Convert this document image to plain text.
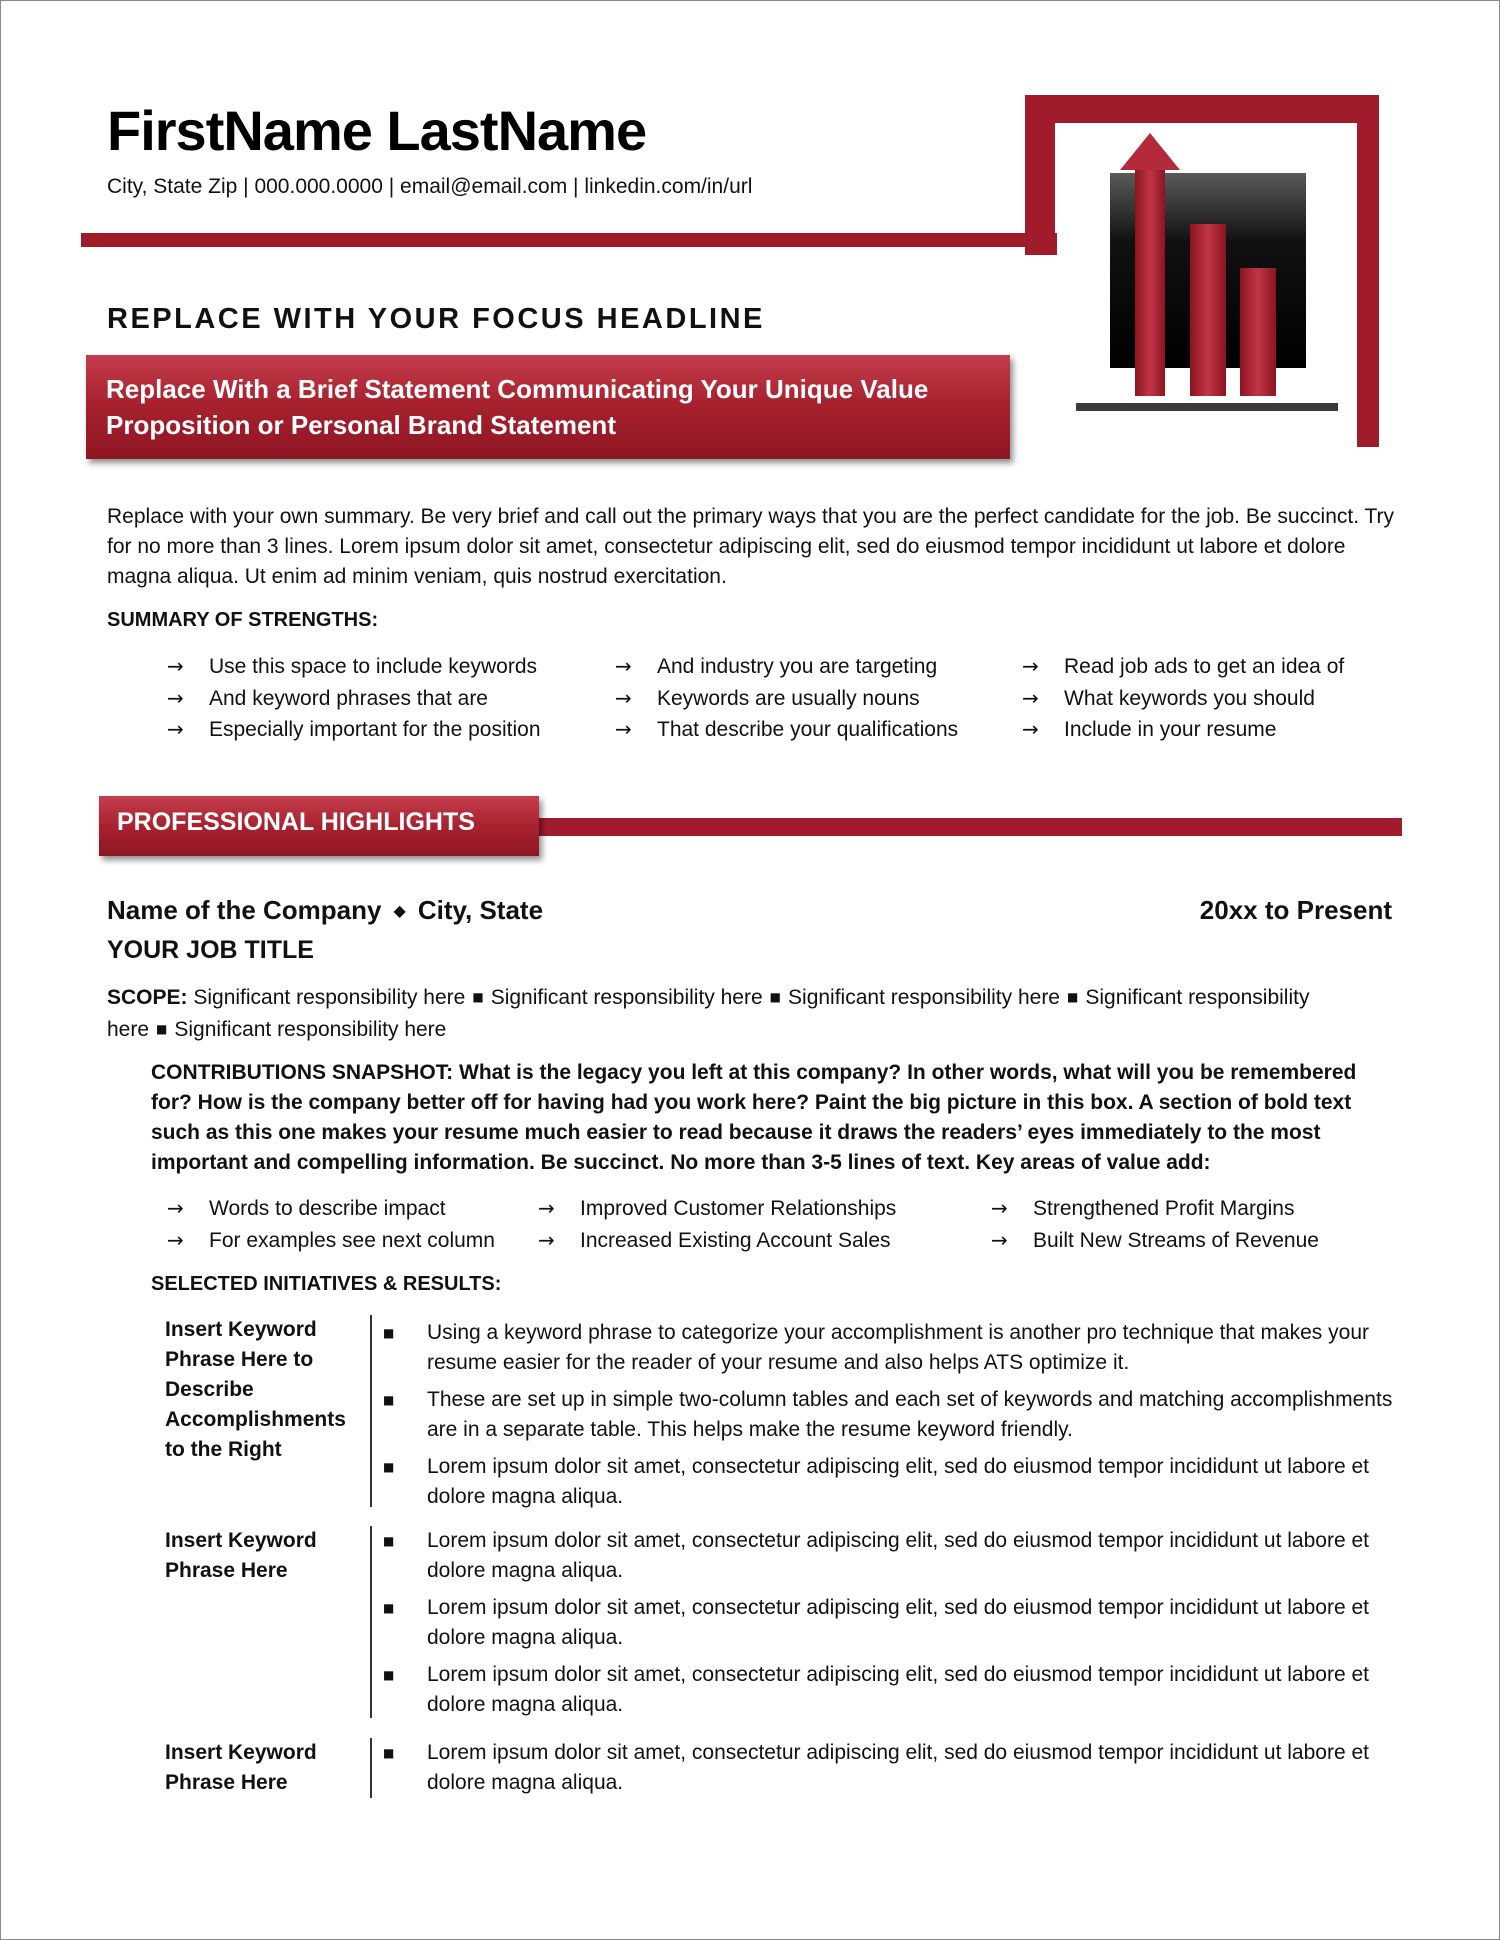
FirstName LastName
City, State Zip | 000.000.0000 | email@email.com | linkedin.com/in/url
REPLACE WITH YOUR FOCUS HEADLINE
Replace With a Brief Statement Communicating Your Unique Value Proposition or Personal Brand Statement
Replace with your own summary. Be very brief and call out the primary ways that you are the perfect candidate for the job. Be succinct. Try for no more than 3 lines. Lorem ipsum dolor sit amet, consectetur adipiscing elit, sed do eiusmod tempor incididunt ut labore et dolore magna aliqua. Ut enim ad minim veniam, quis nostrud exercitation.
SUMMARY OF STRENGTHS:
→ Use this space to include keywords
→ And keyword phrases that are
→ Especially important for the position
→ And industry you are targeting
→ Keywords are usually nouns
→ That describe your qualifications
→ Read job ads to get an idea of
→ What keywords you should
→ Include in your resume
PROFESSIONAL HIGHLIGHTS
Name of the Company ◆ City, State	20xx to Present
YOUR JOB TITLE
SCOPE: Significant responsibility here ■ Significant responsibility here ■ Significant responsibility here ■ Significant responsibility here ■ Significant responsibility here
CONTRIBUTIONS SNAPSHOT: What is the legacy you left at this company? In other words, what will you be remembered for? How is the company better off for having had you work here? Paint the big picture in this box. A section of bold text such as this one makes your resume much easier to read because it draws the readers’ eyes immediately to the most important and compelling information. Be succinct. No more than 3-5 lines of text. Key areas of value add:
→ Words to describe impact
→ For examples see next column
→ Improved Customer Relationships
→ Increased Existing Account Sales
→ Strengthened Profit Margins
→ Built New Streams of Revenue
SELECTED INITIATIVES & RESULTS:
Insert Keyword Phrase Here to Describe Accomplishments to the Right
■ Using a keyword phrase to categorize your accomplishment is another pro technique that makes your resume easier for the reader of your resume and also helps ATS optimize it.
■ These are set up in simple two-column tables and each set of keywords and matching accomplishments are in a separate table. This helps make the resume keyword friendly.
■ Lorem ipsum dolor sit amet, consectetur adipiscing elit, sed do eiusmod tempor incididunt ut labore et dolore magna aliqua.
Insert Keyword Phrase Here
■ Lorem ipsum dolor sit amet, consectetur adipiscing elit, sed do eiusmod tempor incididunt ut labore et dolore magna aliqua.
■ Lorem ipsum dolor sit amet, consectetur adipiscing elit, sed do eiusmod tempor incididunt ut labore et dolore magna aliqua.
■ Lorem ipsum dolor sit amet, consectetur adipiscing elit, sed do eiusmod tempor incididunt ut labore et dolore magna aliqua.
Insert Keyword Phrase Here
■ Lorem ipsum dolor sit amet, consectetur adipiscing elit, sed do eiusmod tempor incididunt ut labore et dolore magna aliqua.
